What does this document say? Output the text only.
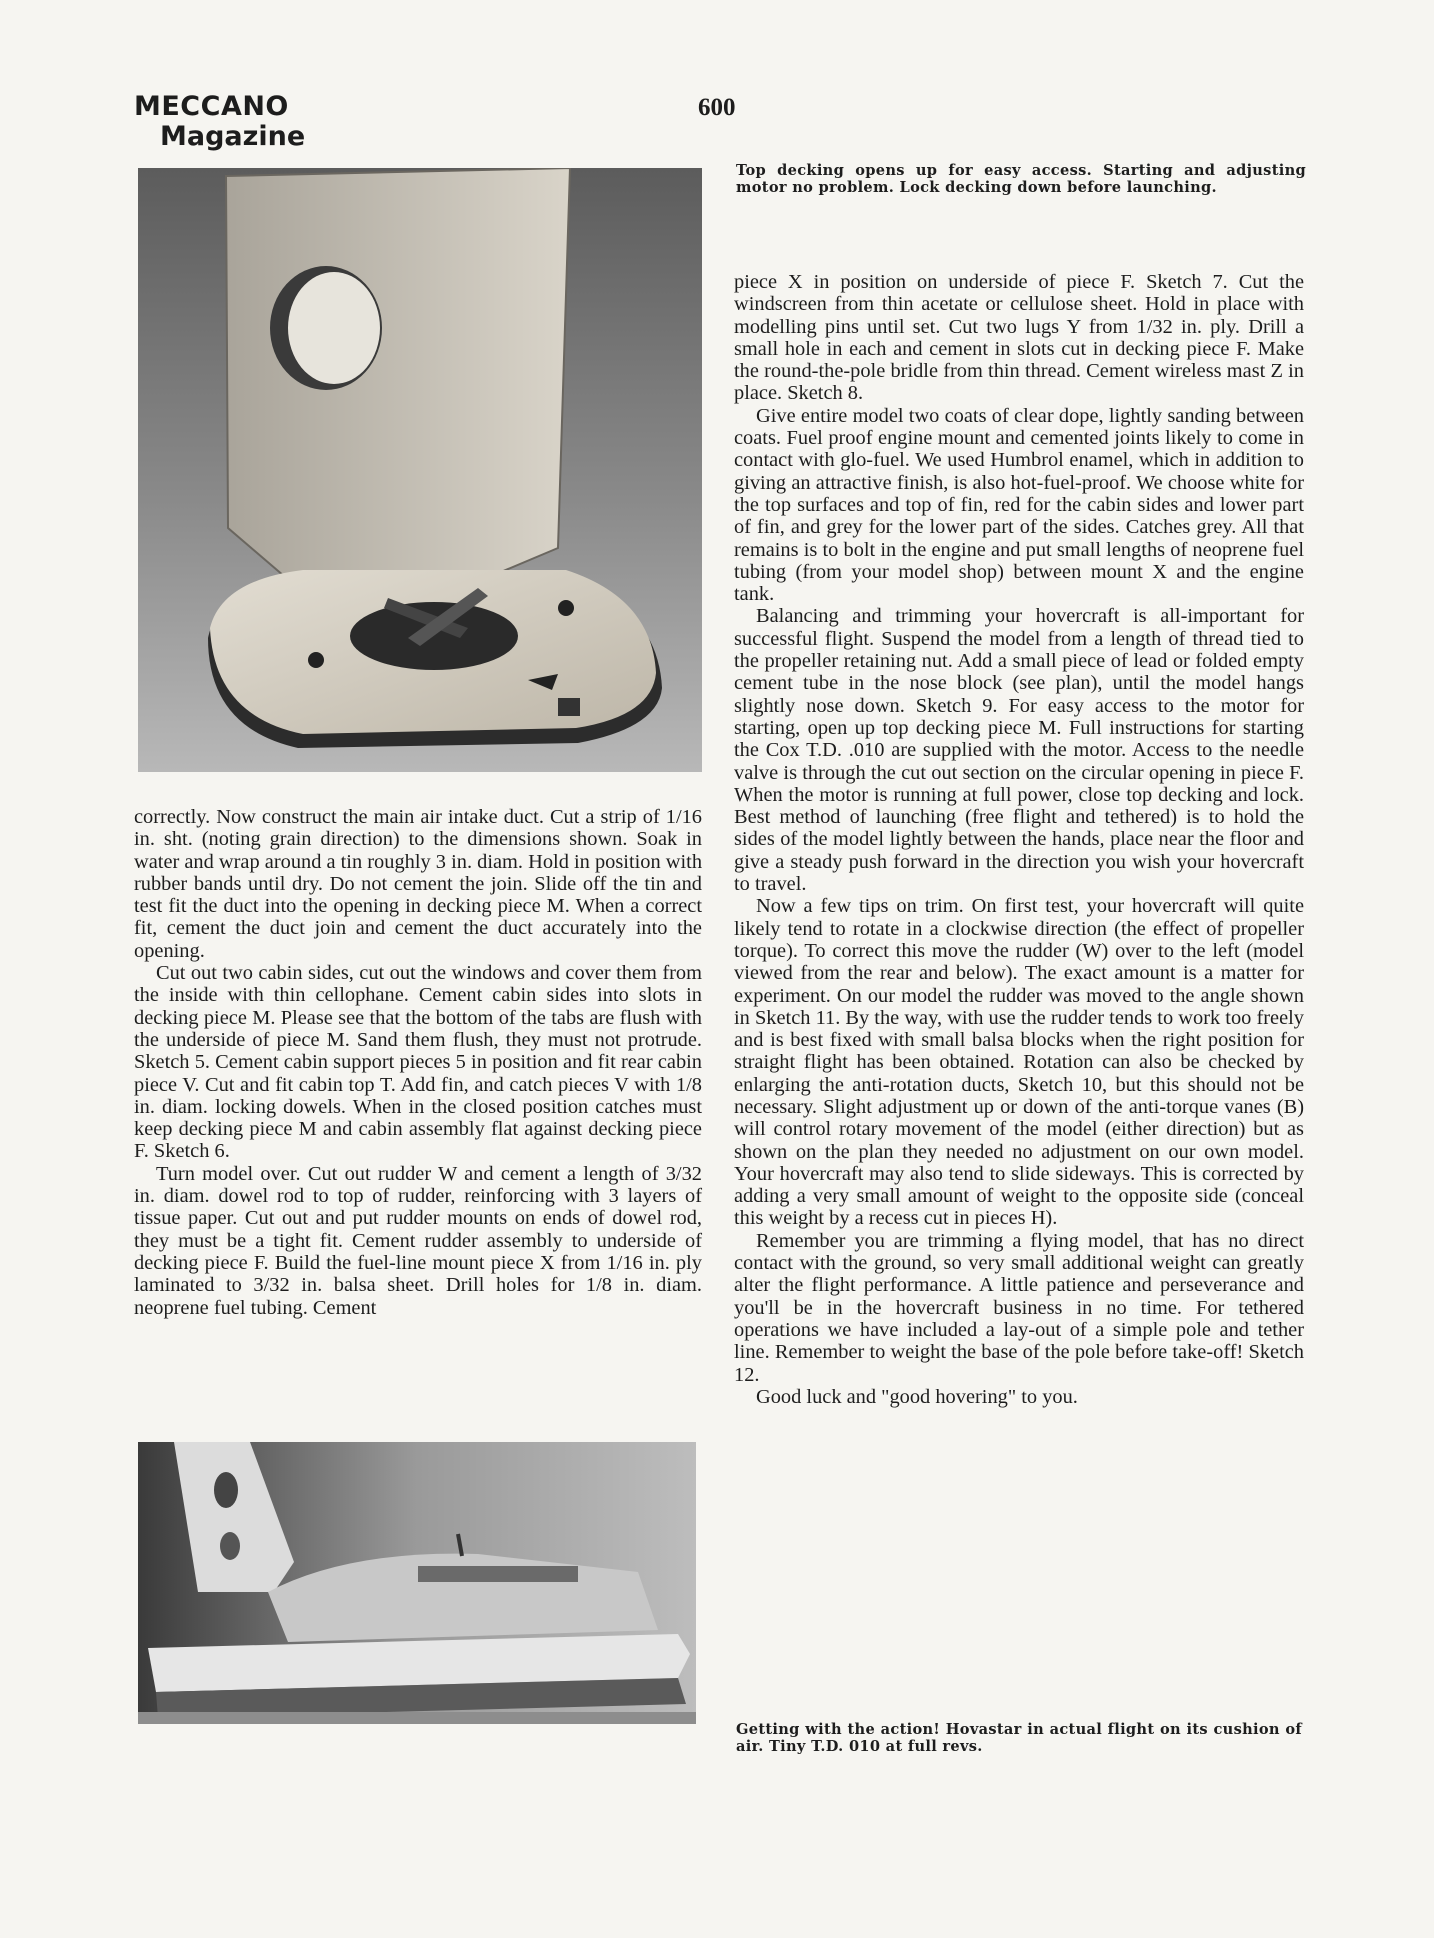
MECCANO
Magazine
600
Top decking opens up for easy access. Starting and adjusting motor no problem. Lock decking down before launching.

correctly. Now construct the main air intake duct. Cut a strip of 1/16 in. sht. (noting grain direction) to the dimensions shown. Soak in water and wrap around a tin roughly 3 in. diam. Hold in position with rubber bands until dry. Do not cement the join. Slide off the tin and test fit the duct into the opening in decking piece M. When a correct fit, cement the duct join and cement the duct accurately into the opening.

Cut out two cabin sides, cut out the windows and cover them from the inside with thin cellophane. Cement cabin sides into slots in decking piece M. Please see that the bottom of the tabs are flush with the underside of piece M. Sand them flush, they must not protrude. Sketch 5. Cement cabin support pieces 5 in position and fit rear cabin piece V. Cut and fit cabin top T. Add fin, and catch pieces V with 1/8 in. diam. locking dowels. When in the closed position catches must keep decking piece M and cabin assembly flat against decking piece F. Sketch 6.

Turn model over. Cut out rudder W and cement a length of 3/32 in. diam. dowel rod to top of rudder, reinforcing with 3 layers of tissue paper. Cut out and put rudder mounts on ends of dowel rod, they must be a tight fit. Cement rudder assembly to underside of decking piece F. Build the fuel-line mount piece X from 1/16 in. ply laminated to 3/32 in. balsa sheet. Drill holes for 1/8 in. diam. neoprene fuel tubing. Cement

piece X in position on underside of piece F. Sketch 7. Cut the windscreen from thin acetate or cellulose sheet. Hold in place with modelling pins until set. Cut two lugs Y from 1/32 in. ply. Drill a small hole in each and cement in slots cut in decking piece F. Make the round-the-pole bridle from thin thread. Cement wireless mast Z in place. Sketch 8.

Give entire model two coats of clear dope, lightly sanding between coats. Fuel proof engine mount and cemented joints likely to come in contact with glo-fuel. We used Humbrol enamel, which in addition to giving an attractive finish, is also hot-fuel-proof. We choose white for the top surfaces and top of fin, red for the cabin sides and lower part of fin, and grey for the lower part of the sides. Catches grey. All that remains is to bolt in the engine and put small lengths of neoprene fuel tubing (from your model shop) between mount X and the engine tank.

Balancing and trimming your hovercraft is all-important for successful flight. Suspend the model from a length of thread tied to the propeller retaining nut. Add a small piece of lead or folded empty cement tube in the nose block (see plan), until the model hangs slightly nose down. Sketch 9. For easy access to the motor for starting, open up top decking piece M. Full instructions for starting the Cox T.D. .010 are supplied with the motor. Access to the needle valve is through the cut out section on the circular opening in piece F. When the motor is running at full power, close top decking and lock. Best method of launching (free flight and tethered) is to hold the sides of the model lightly between the hands, place near the floor and give a steady push forward in the direction you wish your hovercraft to travel.

Now a few tips on trim. On first test, your hovercraft will quite likely tend to rotate in a clockwise direction (the effect of propeller torque). To correct this move the rudder (W) over to the left (model viewed from the rear and below). The exact amount is a matter for experiment. On our model the rudder was moved to the angle shown in Sketch 11. By the way, with use the rudder tends to work too freely and is best fixed with small balsa blocks when the right position for straight flight has been obtained. Rotation can also be checked by enlarging the anti-rotation ducts, Sketch 10, but this should not be necessary. Slight adjustment up or down of the anti-torque vanes (B) will control rotary movement of the model (either direction) but as shown on the plan they needed no adjustment on our own model. Your hovercraft may also tend to slide sideways. This is corrected by adding a very small amount of weight to the opposite side (conceal this weight by a recess cut in pieces H).

Remember you are trimming a flying model, that has no direct contact with the ground, so very small additional weight can greatly alter the flight performance. A little patience and perseverance and you'll be in the hovercraft business in no time. For tethered operations we have included a lay-out of a simple pole and tether line. Remember to weight the base of the pole before take-off! Sketch 12.

Good luck and "good hovering" to you.

Getting with the action! Hovastar in actual flight on its cushion of air. Tiny T.D. 010 at full revs.
